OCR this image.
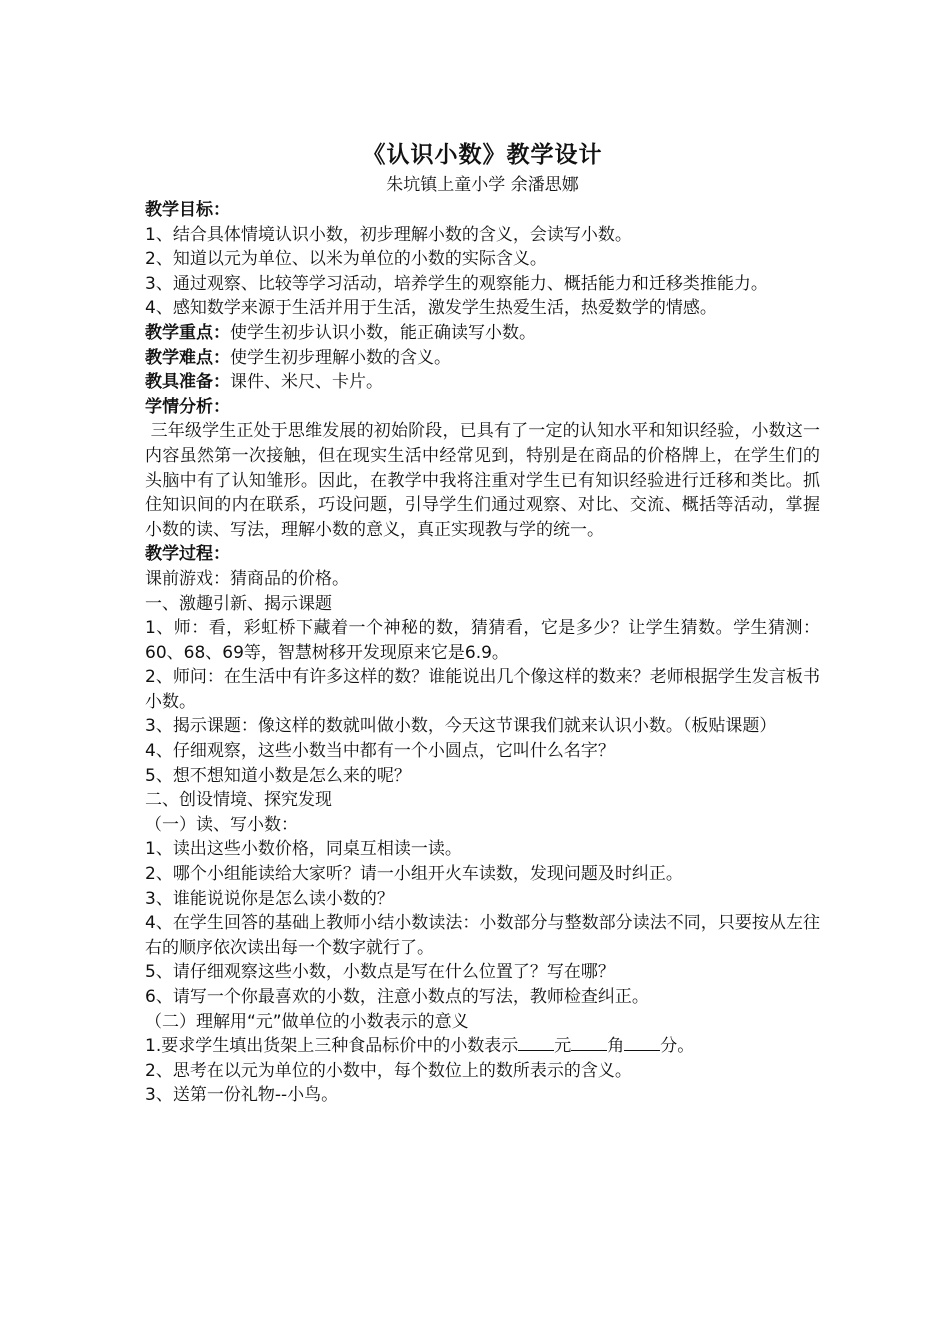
《认识小数》教学设计
朱坑镇上童小学 余潘思娜
教学目标：
1、结合具体情境认识小数，初步理解小数的含义，会读写小数。
2、知道以元为单位、以米为单位的小数的实际含义。
3、通过观察、比较等学习活动，培养学生的观察能力、概括能力和迁移类推能力。
4、感知数学来源于生活并用于生活，激发学生热爱生活，热爱数学的情感。
教学重点：使学生初步认识小数，能正确读写小数。
教学难点：使学生初步理解小数的含义。
教具准备：课件、米尺、卡片。
学情分析：
三年级学生正处于思维发展的初始阶段，已具有了一定的认知水平和知识经验，小数这一内容虽然第一次接触，但在现实生活中经常见到，特别是在商品的价格牌上，在学生们的头脑中有了认知雏形。因此，在教学中我将注重对学生已有知识经验进行迁移和类比。抓住知识间的内在联系，巧设问题，引导学生们通过观察、对比、交流、概括等活动，掌握小数的读、写法，理解小数的意义，真正实现教与学的统一。
教学过程：
课前游戏：猜商品的价格。
一、激趣引新、揭示课题
1、师：看，彩虹桥下藏着一个神秘的数，猜猜看，它是多少？让学生猜数。学生猜测：60、68、69等，智慧树移开发现原来它是6.9。
2、师问：在生活中有许多这样的数？谁能说出几个像这样的数来？老师根据学生发言板书小数。
3、揭示课题：像这样的数就叫做小数，今天这节课我们就来认识小数。（板贴课题）
4、仔细观察，这些小数当中都有一个小圆点，它叫什么名字？
5、想不想知道小数是怎么来的呢？
二、创设情境、探究发现
（一）读、写小数：
1、读出这些小数价格，同桌互相读一读。
2、哪个小组能读给大家听？请一小组开火车读数，发现问题及时纠正。
3、谁能说说你是怎么读小数的？
4、在学生回答的基础上教师小结小数读法：小数部分与整数部分读法不同，只要按从左往右的顺序依次读出每一个数字就行了。
5、请仔细观察这些小数，小数点是写在什么位置了？写在哪？
6、请写一个你最喜欢的小数，注意小数点的写法，教师检查纠正。
（二）理解用“元”做单位的小数表示的意义
1.要求学生填出货架上三种食品标价中的小数表示 元 角 分。
2、思考在以元为单位的小数中，每个数位上的数所表示的含义。
3、送第一份礼物--小鸟。
